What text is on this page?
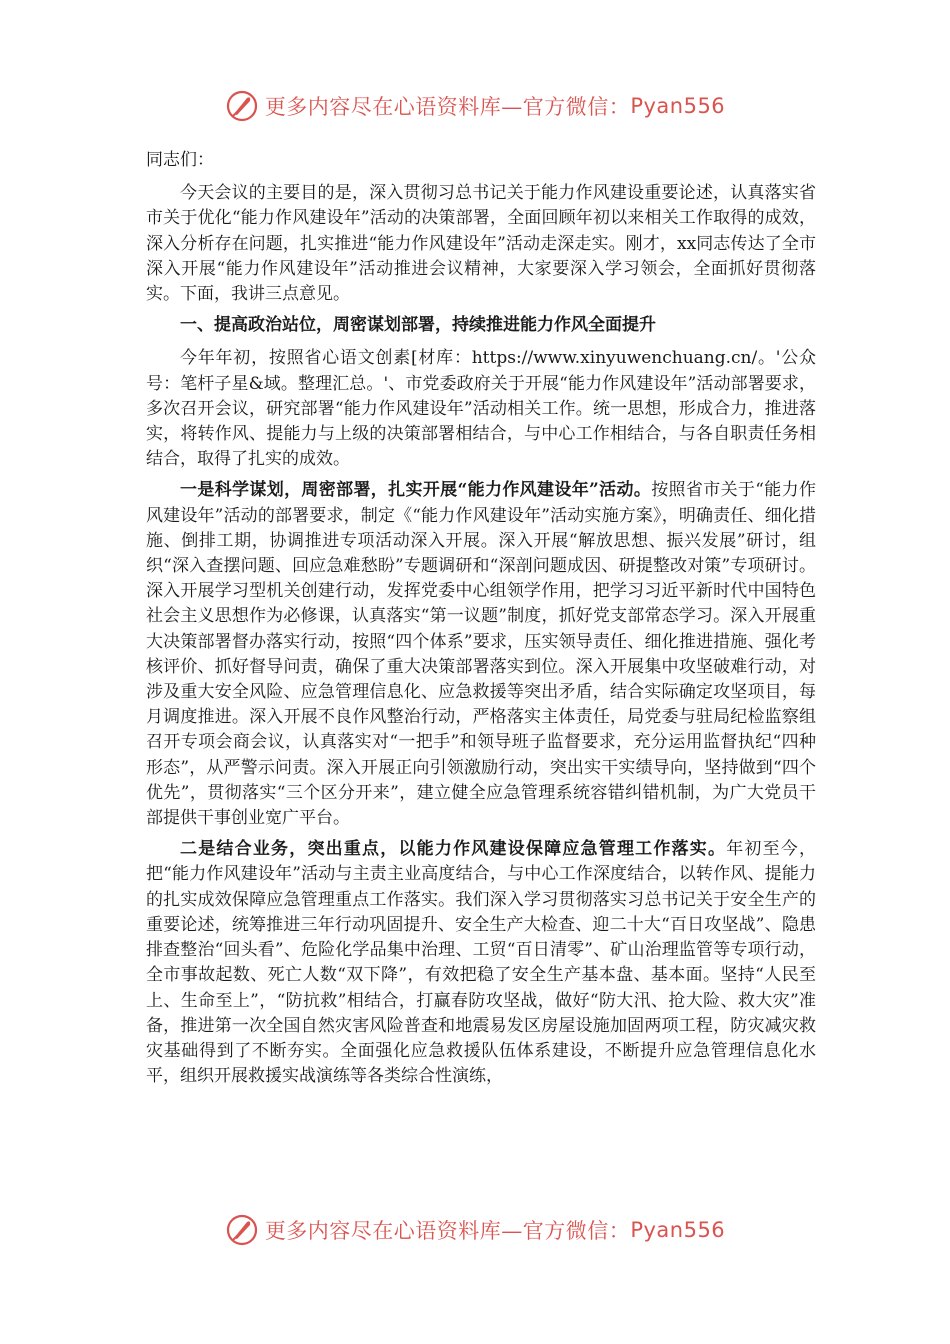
更多内容尽在心语资料库—官方微信： Pyan556

同志们：

今天会议的主要目的是，深入贯彻习总书记关于能力作风建设重要论述，认真落实省市关于优化“能力作风建设年”活动的决策部署，全面回顾年初以来相关工作取得的成效，深入分析存在问题，扎实推进“能力作风建设年”活动走深走实。刚才，xx同志传达了全市深入开展“能力作风建设年”活动推进会议精神，大家要深入学习领会，全面抓好贯彻落实。下面，我讲三点意见。

一、提高政治站位，周密谋划部署，持续推进能力作风全面提升

今年年初，按照省心语文创素[材库：https://www.xinyuwenchuang.cn/。'公众号：笔杆子星&域。整理汇总。'、市党委政府关于开展“能力作风建设年”活动部署要求，多次召开会议，研究部署“能力作风建设年”活动相关工作。统一思想，形成合力，推进落实，将转作风、提能力与上级的决策部署相结合，与中心工作相结合，与各自职责任务相结合，取得了扎实的成效。

一是科学谋划，周密部署，扎实开展“能力作风建设年”活动。按照省市关于“能力作风建设年”活动的部署要求，制定《“能力作风建设年”活动实施方案》，明确责任、细化措施、倒排工期，协调推进专项活动深入开展。深入开展“解放思想、振兴发展”研讨，组织“深入查摆问题、回应急难愁盼”专题调研和“深剖问题成因、研提整改对策”专项研讨。深入开展学习型机关创建行动，发挥党委中心组领学作用，把学习习近平新时代中国特色社会主义思想作为必修课，认真落实“第一议题”制度，抓好党支部常态学习。深入开展重大决策部署督办落实行动，按照“四个体系”要求，压实领导责任、细化推进措施、强化考核评价、抓好督导问责，确保了重大决策部署落实到位。深入开展集中攻坚破难行动，对涉及重大安全风险、应急管理信息化、应急救援等突出矛盾，结合实际确定攻坚项目，每月调度推进。深入开展不良作风整治行动，严格落实主体责任，局党委与驻局纪检监察组召开专项会商会议，认真落实对“一把手”和领导班子监督要求，充分运用监督执纪“四种形态”，从严警示问责。深入开展正向引领激励行动，突出实干实绩导向，坚持做到“四个优先”，贯彻落实“三个区分开来”，建立健全应急管理系统容错纠错机制，为广大党员干部提供干事创业宽广平台。

二是结合业务，突出重点，以能力作风建设保障应急管理工作落实。年初至今，把“能力作风建设年”活动与主责主业高度结合，与中心工作深度结合，以转作风、提能力的扎实成效保障应急管理重点工作落实。我们深入学习贯彻落实习总书记关于安全生产的重要论述，统筹推进三年行动巩固提升、安全生产大检查、迎二十大“百日攻坚战”、隐患排查整治“回头看”、危险化学品集中治理、工贸“百日清零”、矿山治理监管等专项行动，全市事故起数、死亡人数“双下降”，有效把稳了安全生产基本盘、基本面。坚持“人民至上、生命至上”，“防抗救”相结合，打赢春防攻坚战，做好“防大汛、抢大险、救大灾”准备，推进第一次全国自然灾害风险普查和地震易发区房屋设施加固两项工程，防灾减灾救灾基础得到了不断夯实。全面强化应急救援队伍体系建设，不断提升应急管理信息化水平，组织开展救援实战演练等各类综合性演练，

更多内容尽在心语资料库—官方微信： Pyan556
